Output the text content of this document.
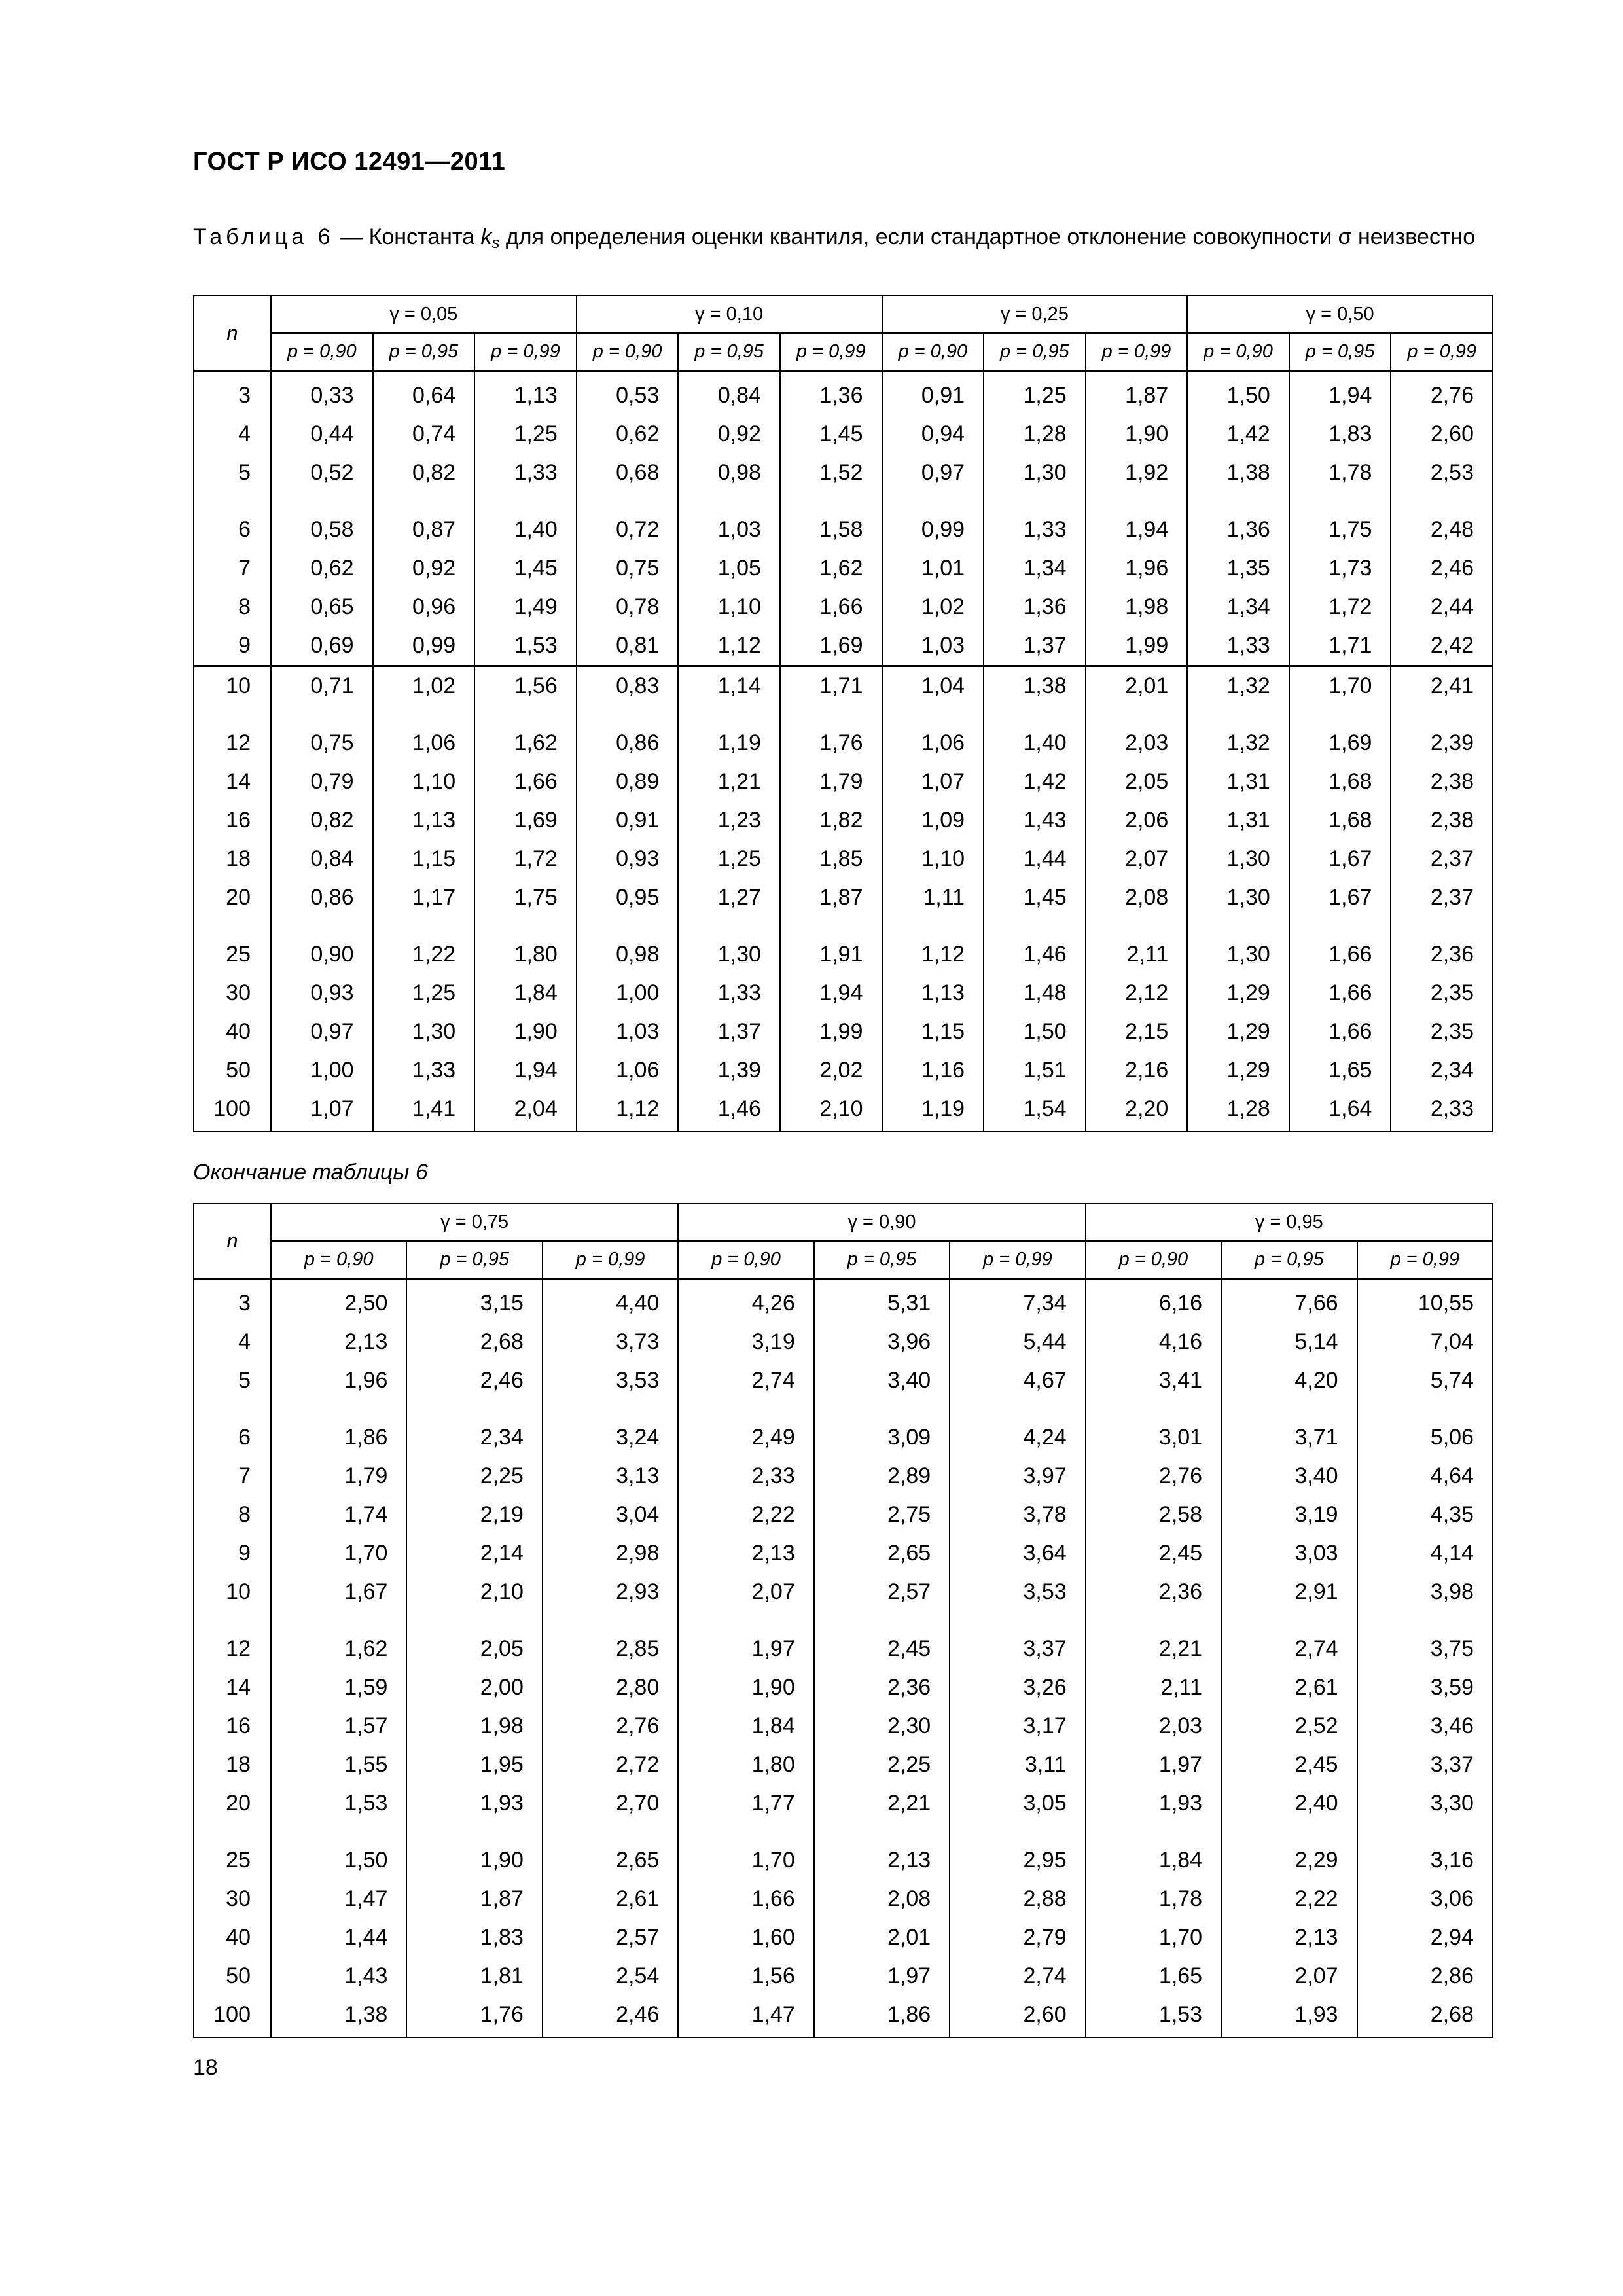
ГОСТ Р ИСО 12491—2011
Таблица 6 — Константа $k_s$ для определения оценки квантиля, если стандартное отклонение совокупности σ неизвестно
n	γ = 0,05			γ = 0,10			γ = 0,25			γ = 0,50		
	p = 0,90	p = 0,95	p = 0,99	p = 0,90	p = 0,95	p = 0,99	p = 0,90	p = 0,95	p = 0,99	p = 0,90	p = 0,95	p = 0,99
3	0,33	0,64	1,13	0,53	0,84	1,36	0,91	1,25	1,87	1,50	1,94	2,76
4	0,44	0,74	1,25	0,62	0,92	1,45	0,94	1,28	1,90	1,42	1,83	2,60
5	0,52	0,82	1,33	0,68	0,98	1,52	0,97	1,30	1,92	1,38	1,78	2,53
6	0,58	0,87	1,40	0,72	1,03	1,58	0,99	1,33	1,94	1,36	1,75	2,48
7	0,62	0,92	1,45	0,75	1,05	1,62	1,01	1,34	1,96	1,35	1,73	2,46
8	0,65	0,96	1,49	0,78	1,10	1,66	1,02	1,36	1,98	1,34	1,72	2,44
9	0,69	0,99	1,53	0,81	1,12	1,69	1,03	1,37	1,99	1,33	1,71	2,42
10	0,71	1,02	1,56	0,83	1,14	1,71	1,04	1,38	2,01	1,32	1,70	2,41
12	0,75	1,06	1,62	0,86	1,19	1,76	1,06	1,40	2,03	1,32	1,69	2,39
14	0,79	1,10	1,66	0,89	1,21	1,79	1,07	1,42	2,05	1,31	1,68	2,38
16	0,82	1,13	1,69	0,91	1,23	1,82	1,09	1,43	2,06	1,31	1,68	2,38
18	0,84	1,15	1,72	0,93	1,25	1,85	1,10	1,44	2,07	1,30	1,67	2,37
20	0,86	1,17	1,75	0,95	1,27	1,87	1,11	1,45	2,08	1,30	1,67	2,37
25	0,90	1,22	1,80	0,98	1,30	1,91	1,12	1,46	2,11	1,30	1,66	2,36
30	0,93	1,25	1,84	1,00	1,33	1,94	1,13	1,48	2,12	1,29	1,66	2,35
40	0,97	1,30	1,90	1,03	1,37	1,99	1,15	1,50	2,15	1,29	1,66	2,35
50	1,00	1,33	1,94	1,06	1,39	2,02	1,16	1,51	2,16	1,29	1,65	2,34
100	1,07	1,41	2,04	1,12	1,46	2,10	1,19	1,54	2,20	1,28	1,64	2,33
Окончание таблицы 6
n	γ = 0,75			γ = 0,90			γ = 0,95		
	p = 0,90	p = 0,95	p = 0,99	p = 0,90	p = 0,95	p = 0,99	p = 0,90	p = 0,95	p = 0,99
3	2,50	3,15	4,40	4,26	5,31	7,34	6,16	7,66	10,55
4	2,13	2,68	3,73	3,19	3,96	5,44	4,16	5,14	7,04
5	1,96	2,46	3,53	2,74	3,40	4,67	3,41	4,20	5,74
6	1,86	2,34	3,24	2,49	3,09	4,24	3,01	3,71	5,06
7	1,79	2,25	3,13	2,33	2,89	3,97	2,76	3,40	4,64
8	1,74	2,19	3,04	2,22	2,75	3,78	2,58	3,19	4,35
9	1,70	2,14	2,98	2,13	2,65	3,64	2,45	3,03	4,14
10	1,67	2,10	2,93	2,07	2,57	3,53	2,36	2,91	3,98
12	1,62	2,05	2,85	1,97	2,45	3,37	2,21	2,74	3,75
14	1,59	2,00	2,80	1,90	2,36	3,26	2,11	2,61	3,59
16	1,57	1,98	2,76	1,84	2,30	3,17	2,03	2,52	3,46
18	1,55	1,95	2,72	1,80	2,25	3,11	1,97	2,45	3,37
20	1,53	1,93	2,70	1,77	2,21	3,05	1,93	2,40	3,30
25	1,50	1,90	2,65	1,70	2,13	2,95	1,84	2,29	3,16
30	1,47	1,87	2,61	1,66	2,08	2,88	1,78	2,22	3,06
40	1,44	1,83	2,57	1,60	2,01	2,79	1,70	2,13	2,94
50	1,43	1,81	2,54	1,56	1,97	2,74	1,65	2,07	2,86
100	1,38	1,76	2,46	1,47	1,86	2,60	1,53	1,93	2,68
18
